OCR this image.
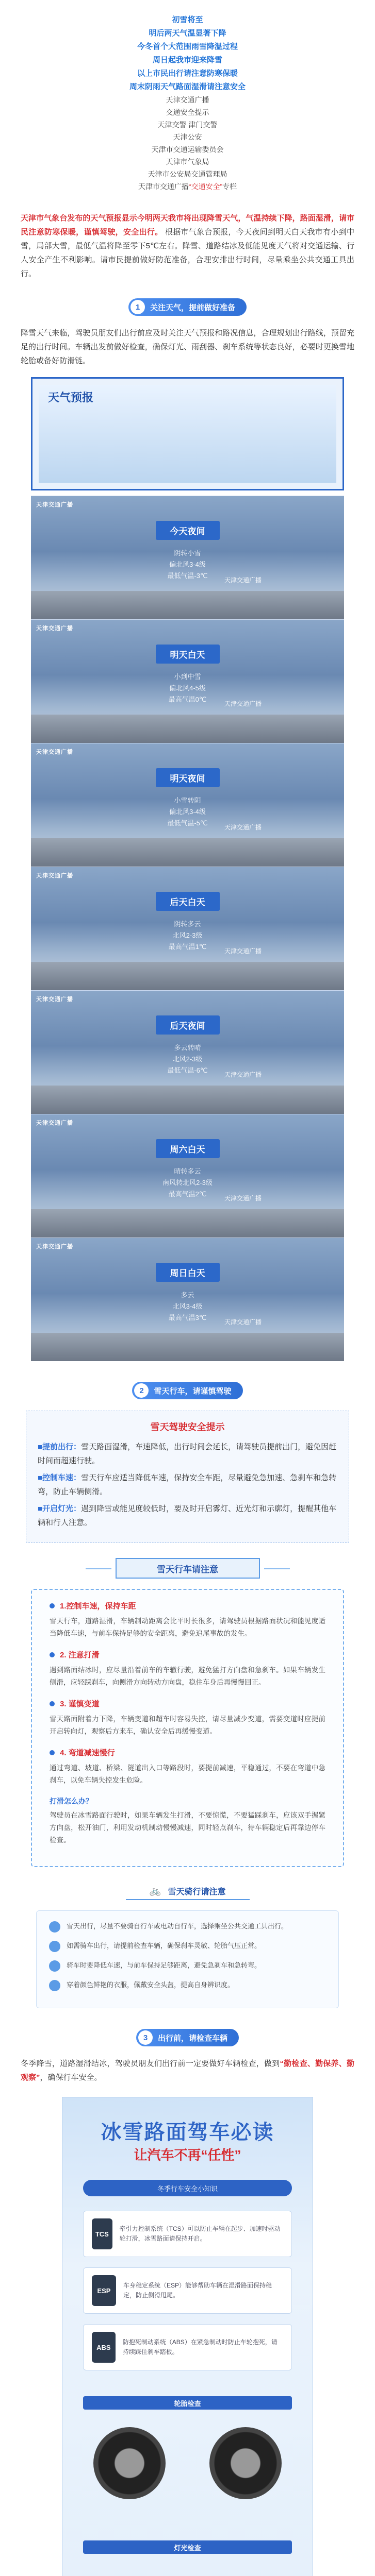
初雪将至
明后两天气温显著下降
今冬首个大范围雨雪降温过程
周日起我市迎来降雪
以上市民出行请注意防寒保暖
周末阴雨天气路面湿滑请注意安全
天津交通广播
交通安全提示
天津交警 津门交警
天津公安
天津市交通运输委员会
天津市气象局
天津市公安局交通管理局
天津市交通广播“交通安全”专栏
天津市气象台发布的天气预报显示今明两天我市将出现降雪天气，气温持续下降，路面湿滑，请市民注意防寒保暖，谨慎驾驶，安全出行。 根据市气象台预报，今天夜间到明天白天我市有小到中雪，局部大雪，最低气温将降至零下5℃左右。降雪、道路结冰及低能见度天气将对交通运输、行人安全产生不利影响。请市民提前做好防范准备，合理安排出行时间，尽量乘坐公共交通工具出行。
1	关注天气，提前做好准备
降雪天气来临，驾驶员朋友们出行前应及时关注天气预报和路况信息，合理规划出行路线，预留充足的出行时间。车辆出发前做好检查，确保灯光、雨刮器、刹车系统等状态良好，必要时更换雪地轮胎或备好防滑链。
天气预报
天津交通广播
今天夜间
阴转小雪
偏北风3-4级
最低气温-3℃
天津交通广播
天津交通广播
明天白天
小到中雪
偏北风4-5级
最高气温0℃
天津交通广播
天津交通广播
明天夜间
小雪转阴
偏北风3-4级
最低气温-5℃
天津交通广播
天津交通广播
后天白天
阴转多云
北风2-3级
最高气温1℃
天津交通广播
天津交通广播
后天夜间
多云转晴
北风2-3级
最低气温-6℃
天津交通广播
天津交通广播
周六白天
晴转多云
南风转北风2-3级
最高气温2℃
天津交通广播
天津交通广播
周日白天
多云
北风3-4级
最高气温3℃
天津交通广播
2	雪天行车，请谨慎驾驶
雪天驾驶安全提示

■提前出行：雪天路面湿滑，车速降低，出行时间会延长，请驾驶员提前出门，避免因赶时间而超速行驶。

■控制车速：雪天行车应适当降低车速，保持安全车距，尽量避免急加速、急刹车和急转弯，防止车辆侧滑。

■开启灯光：遇到降雪或能见度较低时，要及时开启雾灯、近光灯和示廓灯，提醒其他车辆和行人注意。

雪天行车请注意
1.控制车速，保持车距
雪天行车，道路湿滑，车辆制动距离会比平时长很多，请驾驶员根据路面状况和能见度适当降低车速，与前车保持足够的安全距离，避免追尾事故的发生。
2. 注意打滑
遇到路面结冰时，应尽量沿着前车的车辙行驶，避免猛打方向盘和急刹车。如果车辆发生侧滑，应轻踩刹车，向侧滑方向转动方向盘，稳住车身后再慢慢回正。
3. 谨慎变道
雪天路面附着力下降，车辆变道和超车时容易失控，请尽量减少变道，需要变道时应提前开启转向灯，观察后方来车，确认安全后再缓慢变道。
4. 弯道减速慢行
通过弯道、坡道、桥梁、隧道出入口等路段时，要提前减速，平稳通过，不要在弯道中急刹车，以免车辆失控发生危险。
打滑怎么办？
驾驶员在冰雪路面行驶时，如果车辆发生打滑，不要惊慌，不要猛踩刹车，应该双手握紧方向盘，松开油门，利用发动机制动慢慢减速，同时轻点刹车，待车辆稳定后再靠边停车检查。
🚲 雪天骑行请注意
雪天出行，尽量不要骑自行车或电动自行车，选择乘坐公共交通工具出行。
如需骑车出行，请提前检查车辆，确保刹车灵敏、轮胎气压正常。
骑车时要降低车速，与前车保持足够距离，避免急刹车和急转弯。
穿着颜色鲜艳的衣服，佩戴安全头盔，提高自身辨识度。
3	出行前，请检查车辆
冬季降雪，道路湿滑结冰，驾驶员朋友们出行前一定要做好车辆检查，做到“勤检查、勤保养、勤观察”，确保行车安全。
冰雪路面驾车必读
让汽车不再“任性”
冬季行车安全小知识
TCS
牵引力控制系统（TCS）可以防止车辆在起步、加速时驱动轮打滑，冰雪路面请保持开启。
ESP
车身稳定系统（ESP）能够帮助车辆在湿滑路面保持稳定，防止侧滑甩尾。
ABS
防抱死制动系统（ABS）在紧急制动时防止车轮抱死，请持续踩住刹车踏板。
轮胎检查
灯光检查
